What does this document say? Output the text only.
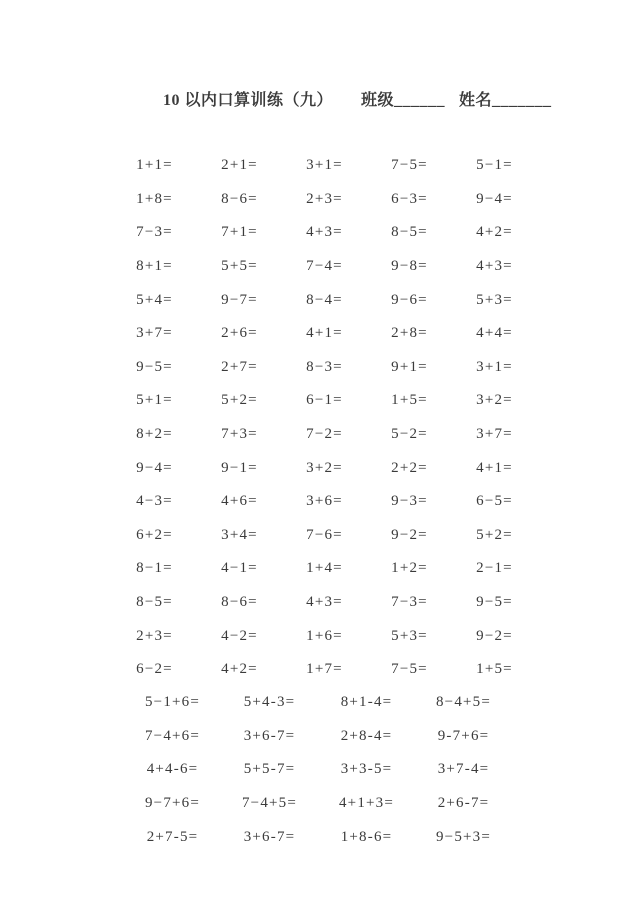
10 以内口算训练（九） 班级______ 姓名_______
1+1=	2+1=	3+1=	7−5=	5−1=
1+8=	8−6=	2+3=	6−3=	9−4=
7−3=	7+1=	4+3=	8−5=	4+2=
8+1=	5+5=	7−4=	9−8=	4+3=
5+4=	9−7=	8−4=	9−6=	5+3=
3+7=	2+6=	4+1=	2+8=	4+4=
9−5=	2+7=	8−3=	9+1=	3+1=
5+1=	5+2=	6−1=	1+5=	3+2=
8+2=	7+3=	7−2=	5−2=	3+7=
9−4=	9−1=	3+2=	2+2=	4+1=
4−3=	4+6=	3+6=	9−3=	6−5=
6+2=	3+4=	7−6=	9−2=	5+2=
8−1=	4−1=	1+4=	1+2=	2−1=
8−5=	8−6=	4+3=	7−3=	9−5=
2+3=	4−2=	1+6=	5+3=	9−2=
6−2=	4+2=	1+7=	7−5=	1+5=
5−1+6=	5+4-3=	8+1-4=	8−4+5=
7−4+6=	3+6-7=	2+8-4=	9-7+6=
4+4-6=	5+5-7=	3+3-5=	3+7-4=
9−7+6=	7−4+5=	4+1+3=	2+6-7=
2+7-5=	3+6-7=	1+8-6=	9−5+3=
